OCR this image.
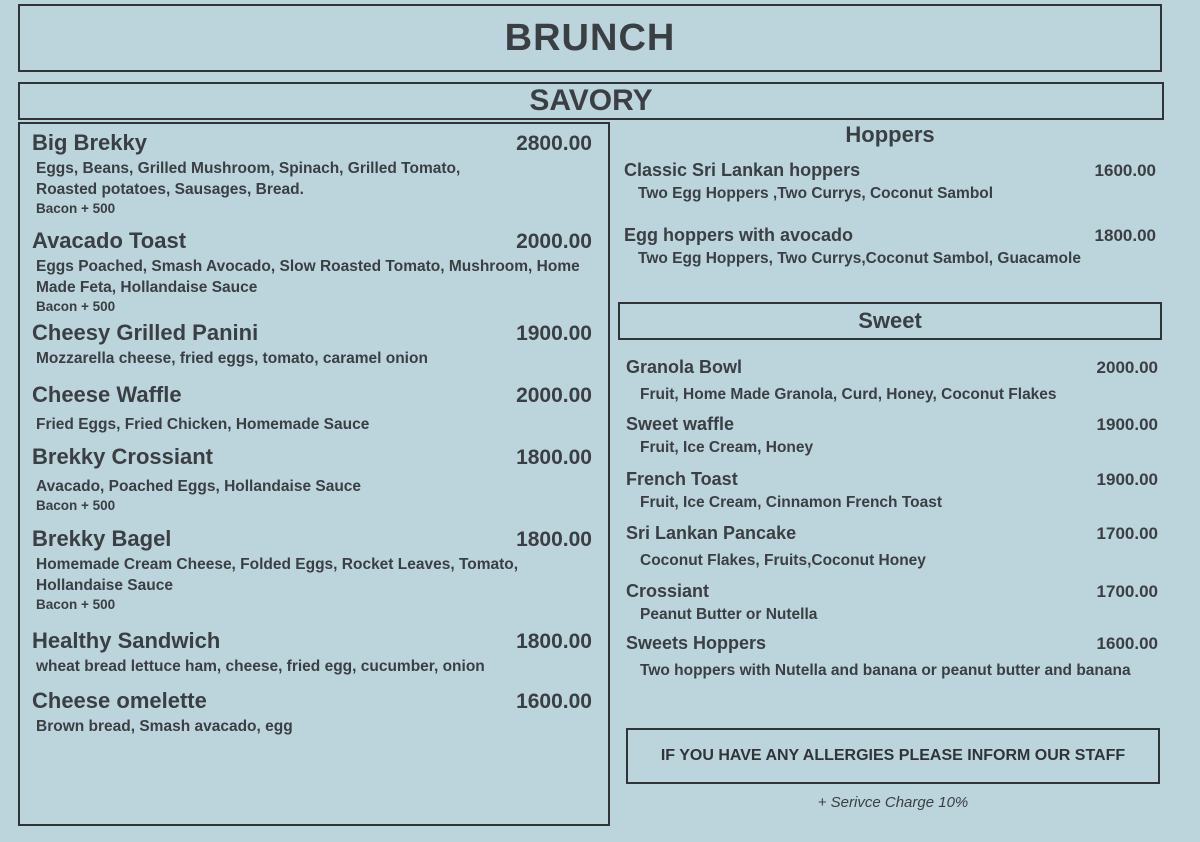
BRUNCH
SAVORY
Big Brekky	2800.00
Eggs, Beans, Grilled Mushroom, Spinach, Grilled Tomato, Roasted potatoes, Sausages, Bread.
Bacon + 500
Avacado Toast	2000.00
Eggs Poached, Smash Avocado, Slow Roasted Tomato, Mushroom, Home Made Feta, Hollandaise Sauce
Bacon + 500
Cheesy Grilled Panini	1900.00
Mozzarella cheese, fried eggs, tomato, caramel onion
Cheese Waffle	2000.00
Fried Eggs, Fried Chicken, Homemade Sauce
Brekky Crossiant	1800.00
Avacado, Poached Eggs, Hollandaise Sauce
Bacon + 500
Brekky Bagel	1800.00
Homemade Cream Cheese, Folded Eggs, Rocket Leaves, Tomato, Hollandaise Sauce
Bacon + 500
Healthy Sandwich	1800.00
wheat bread lettuce ham, cheese, fried egg, cucumber, onion
Cheese omelette	1600.00
Brown bread, Smash avacado, egg
Hoppers
Classic Sri Lankan hoppers	1600.00
Two Egg Hoppers ,Two Currys, Coconut Sambol
Egg hoppers with avocado	1800.00
Two Egg Hoppers, Two Currys,Coconut Sambol, Guacamole
Sweet
Granola Bowl	2000.00
Fruit, Home Made Granola, Curd, Honey, Coconut Flakes
Sweet waffle	1900.00
Fruit, Ice Cream, Honey
French Toast	1900.00
Fruit, Ice Cream, Cinnamon French Toast
Sri Lankan Pancake	1700.00
Coconut Flakes, Fruits,Coconut Honey
Crossiant	1700.00
Peanut Butter or Nutella
Sweets Hoppers	1600.00
Two hoppers with Nutella and banana or peanut butter and banana
IF YOU HAVE ANY ALLERGIES PLEASE INFORM OUR STAFF
+ Serivce Charge 10%
